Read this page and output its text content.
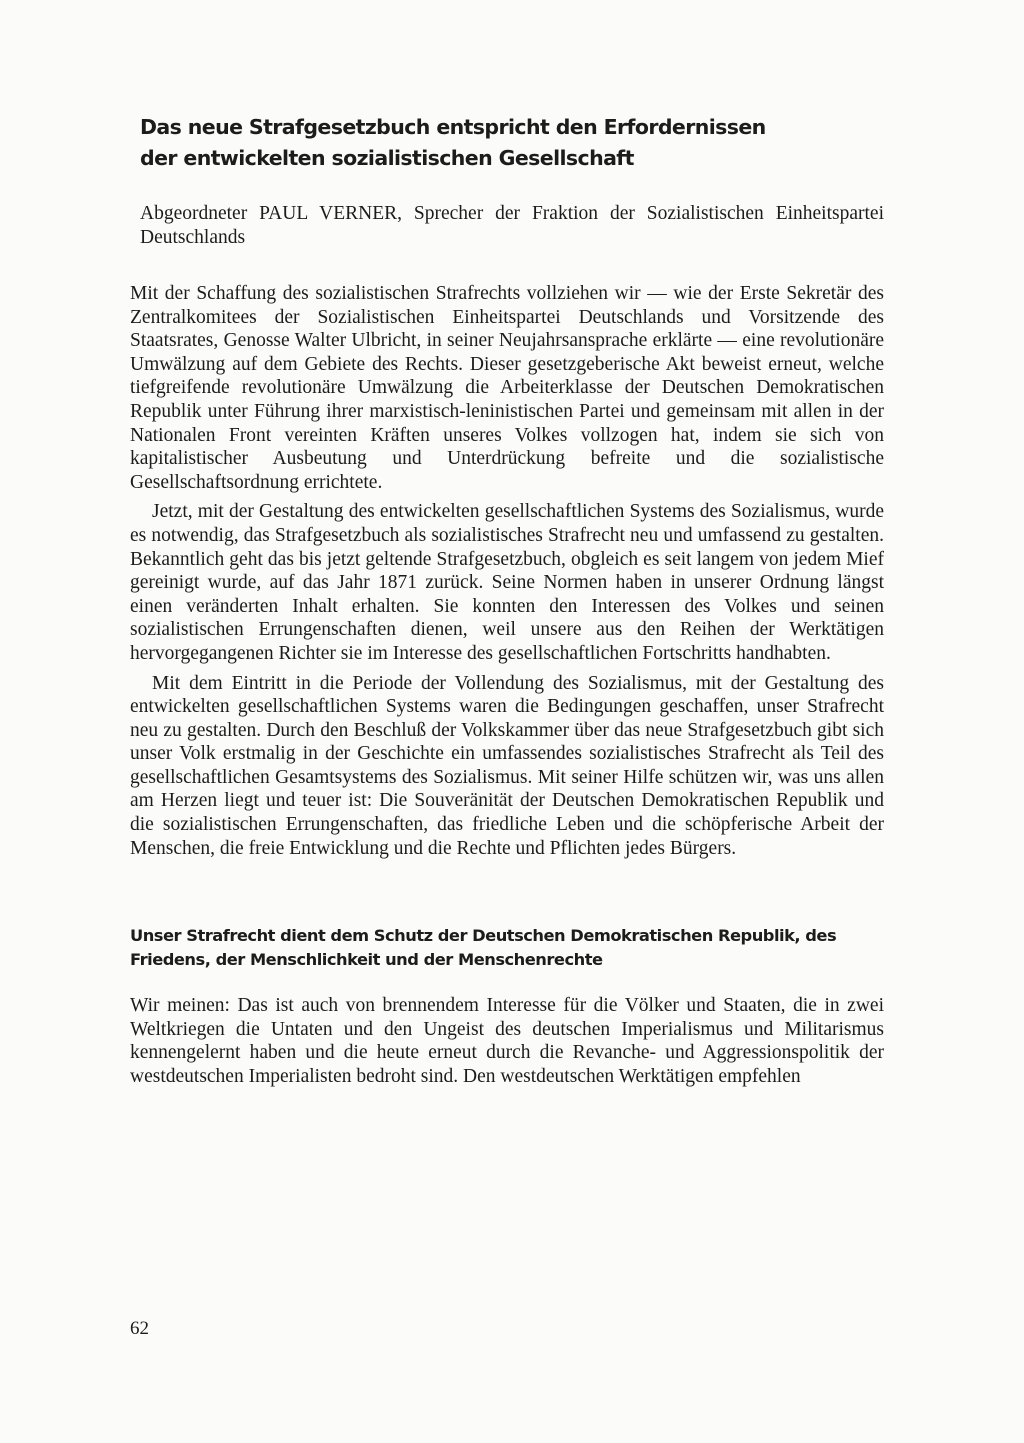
Das neue Strafgesetzbuch entspricht den Erfordernissen
der entwickelten sozialistischen Gesellschaft

Abgeordneter PAUL VERNER, Sprecher der Fraktion der Sozialistischen Einheitspartei Deutschlands

Mit der Schaffung des sozialistischen Strafrechts vollziehen wir — wie der Erste Sekretär des Zentralkomitees der Sozialistischen Einheitspartei Deutschlands und Vorsitzende des Staatsrates, Genosse Walter Ulbricht, in seiner Neujahrsansprache erklärte — eine revolutionäre Umwälzung auf dem Gebiete des Rechts. Dieser gesetzgeberische Akt beweist erneut, welche tiefgreifende revolutionäre Umwälzung die Arbeiterklasse der Deutschen Demokratischen Republik unter Führung ihrer marxistisch-leninistischen Partei und gemeinsam mit allen in der Nationalen Front vereinten Kräften unseres Volkes vollzogen hat, indem sie sich von kapitalistischer Ausbeutung und Unterdrückung befreite und die sozialistische Gesellschaftsordnung errichtete.

Jetzt, mit der Gestaltung des entwickelten gesellschaftlichen Systems des Sozialismus, wurde es notwendig, das Strafgesetzbuch als sozialistisches Strafrecht neu und umfassend zu gestalten. Bekanntlich geht das bis jetzt geltende Strafgesetzbuch, obgleich es seit langem von jedem Mief gereinigt wurde, auf das Jahr 1871 zurück. Seine Normen haben in unserer Ordnung längst einen veränderten Inhalt erhalten. Sie konnten den Interessen des Volkes und seinen sozialistischen Errungenschaften dienen, weil unsere aus den Reihen der Werktätigen hervorgegangenen Richter sie im Interesse des gesellschaftlichen Fortschritts handhabten.

Mit dem Eintritt in die Periode der Vollendung des Sozialismus, mit der Gestaltung des entwickelten gesellschaftlichen Systems waren die Bedingungen geschaffen, unser Strafrecht neu zu gestalten. Durch den Beschluß der Volkskammer über das neue Strafgesetzbuch gibt sich unser Volk erstmalig in der Geschichte ein umfassendes sozialistisches Strafrecht als Teil des gesellschaftlichen Gesamtsystems des Sozialismus. Mit seiner Hilfe schützen wir, was uns allen am Herzen liegt und teuer ist: Die Souveränität der Deutschen Demokratischen Republik und die sozialistischen Errungenschaften, das friedliche Leben und die schöpferische Arbeit der Menschen, die freie Entwicklung und die Rechte und Pflichten jedes Bürgers.

Unser Strafrecht dient dem Schutz der Deutschen Demokratischen Republik, des
Friedens, der Menschlichkeit und der Menschenrechte

Wir meinen: Das ist auch von brennendem Interesse für die Völker und Staaten, die in zwei Weltkriegen die Untaten und den Ungeist des deutschen Imperialismus und Militarismus kennengelernt haben und die heute erneut durch die Revanche- und Aggressionspolitik der westdeutschen Imperialisten bedroht sind. Den westdeutschen Werktätigen empfehlen

62
